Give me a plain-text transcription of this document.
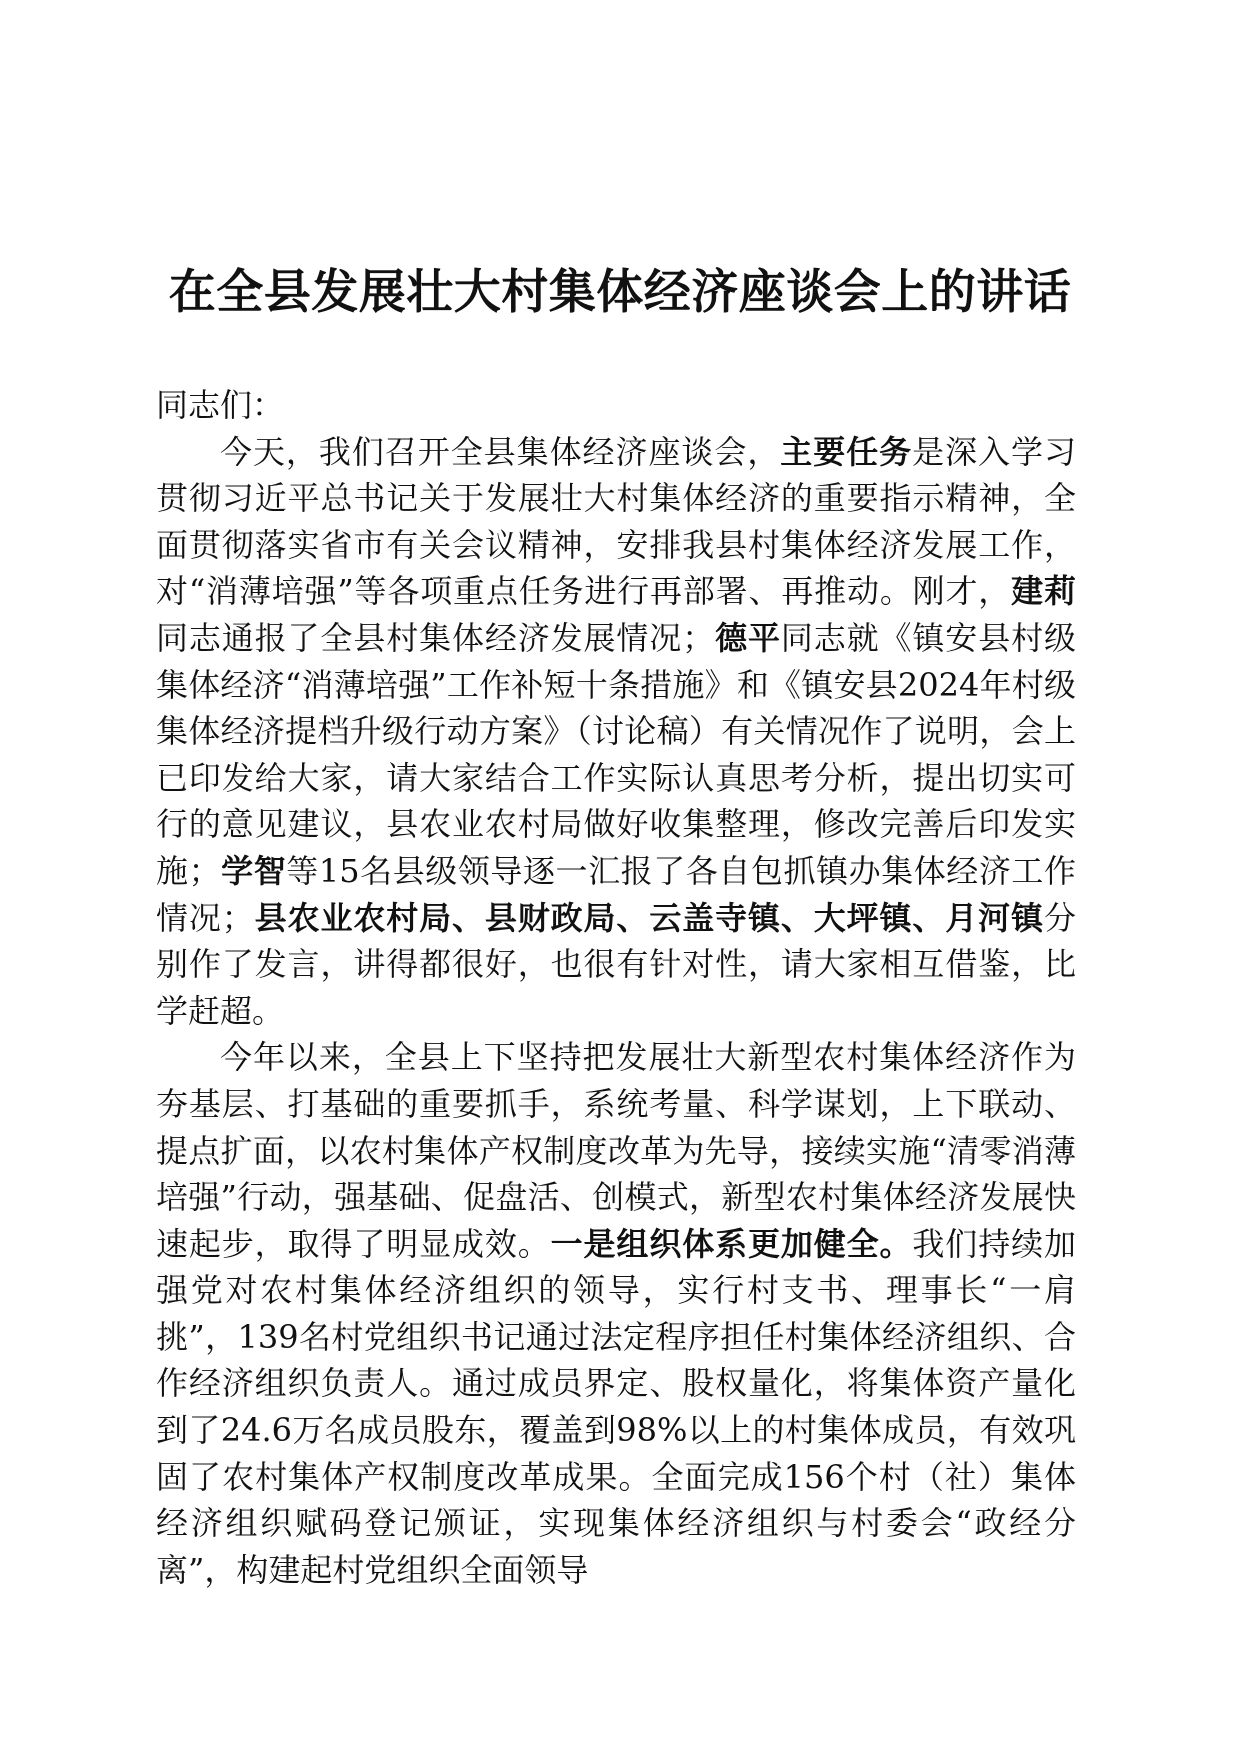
在全县发展壮大村集体经济座谈会上的讲话

同志们：

今天，我们召开全县集体经济座谈会，主要任务是深入学习贯彻习近平总书记关于发展壮大村集体经济的重要指示精神，全面贯彻落实省市有关会议精神，安排我县村集体经济发展工作，对“消薄培强”等各项重点任务进行再部署、再推动。刚才，建莉同志通报了全县村集体经济发展情况；德平同志就《镇安县村级集体经济“消薄培强”工作补短十条措施》和《镇安县2024年村级集体经济提档升级行动方案》（讨论稿）有关情况作了说明，会上已印发给大家，请大家结合工作实际认真思考分析，提出切实可行的意见建议，县农业农村局做好收集整理，修改完善后印发实施；学智等15名县级领导逐一汇报了各自包抓镇办集体经济工作情况；县农业农村局、县财政局、云盖寺镇、大坪镇、月河镇分别作了发言，讲得都很好，也很有针对性，请大家相互借鉴，比学赶超。

今年以来，全县上下坚持把发展壮大新型农村集体经济作为夯基层、打基础的重要抓手，系统考量、科学谋划，上下联动、提点扩面，以农村集体产权制度改革为先导，接续实施“清零消薄培强”行动，强基础、促盘活、创模式，新型农村集体经济发展快速起步，取得了明显成效。一是组织体系更加健全。我们持续加强党对农村集体经济组织的领导，实行村支书、理事长“一肩挑”，139名村党组织书记通过法定程序担任村集体经济组织、合作经济组织负责人。通过成员界定、股权量化，将集体资产量化到了24.6万名成员股东，覆盖到98%以上的村集体成员，有效巩固了农村集体产权制度改革成果。全面完成156个村（社）集体经济组织赋码登记颁证，实现集体经济组织与村委会“政经分离”，构建起村党组织全面领导
